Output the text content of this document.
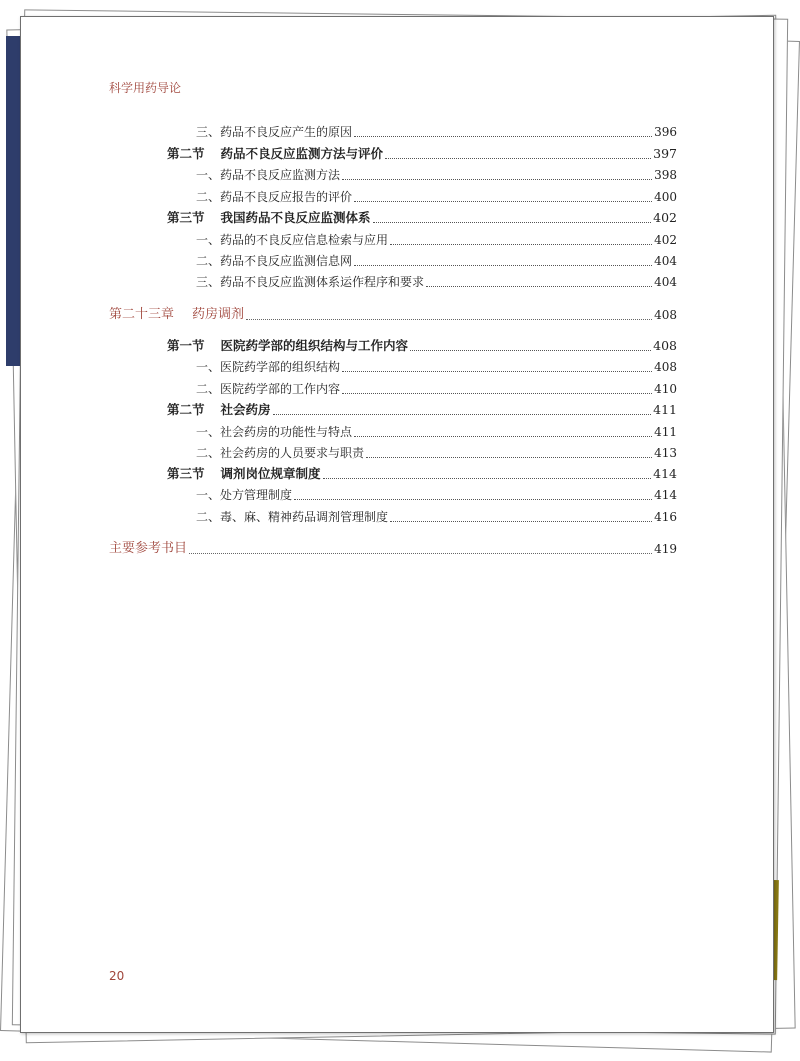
科学用药导论
三、药品不良反应产生的原因	396
第二节 药品不良反应监测方法与评价	397
一、药品不良反应监测方法	398
二、药品不良反应报告的评价	400
第三节 我国药品不良反应监测体系	402
一、药品的不良反应信息检索与应用	402
二、药品不良反应监测信息网	404
三、药品不良反应监测体系运作程序和要求	404
第二十三章 药房调剂	408
第一节 医院药学部的组织结构与工作内容	408
一、医院药学部的组织结构	408
二、医院药学部的工作内容	410
第二节 社会药房	411
一、社会药房的功能性与特点	411
二、社会药房的人员要求与职责	413
第三节 调剂岗位规章制度	414
一、处方管理制度	414
二、毒、麻、精神药品调剂管理制度	416
主要参考书目	419
20
